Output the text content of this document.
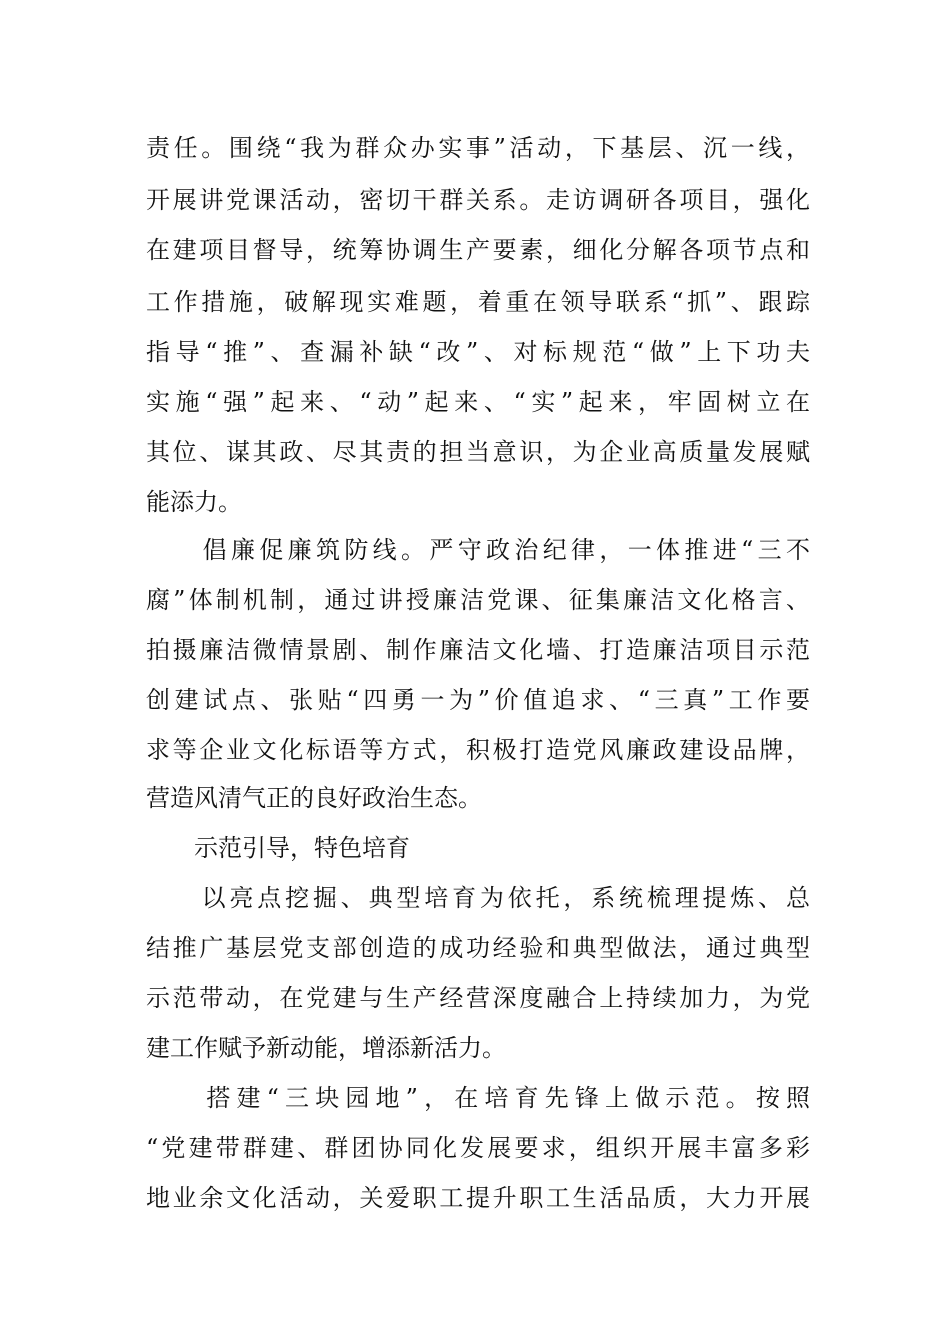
责任。围绕“我为群众办实事”活动，下基层、沉一线，
开展讲党课活动，密切干群关系。走访调研各项目，强化
在建项目督导，统筹协调生产要素，细化分解各项节点和
工作措施，破解现实难题，着重在领导联系“抓”、跟踪
指导“推”、查漏补缺“改”、对标规范“做”上下功夫
实施“强”起来、“动”起来、“实”起来，牢固树立在
其位、谋其政、尽其责的担当意识，为企业高质量发展赋
能添力。
　　倡廉促廉筑防线。严守政治纪律，一体推进“三不
腐”体制机制，通过讲授廉洁党课、征集廉洁文化格言、
拍摄廉洁微情景剧、制作廉洁文化墙、打造廉洁项目示范
创建试点、张贴“四勇一为”价值追求、“三真”工作要
求等企业文化标语等方式，积极打造党风廉政建设品牌，
营造风清气正的良好政治生态。
　　示范引导，特色培育
　　以亮点挖掘、典型培育为依托，系统梳理提炼、总
结推广基层党支部创造的成功经验和典型做法，通过典型
示范带动，在党建与生产经营深度融合上持续加力，为党
建工作赋予新动能，增添新活力。
　　搭建“三块园地”，在培育先锋上做示范。按照
“党建带群建、群团协同化发展要求，组织开展丰富多彩
地业余文化活动，关爱职工提升职工生活品质，大力开展
